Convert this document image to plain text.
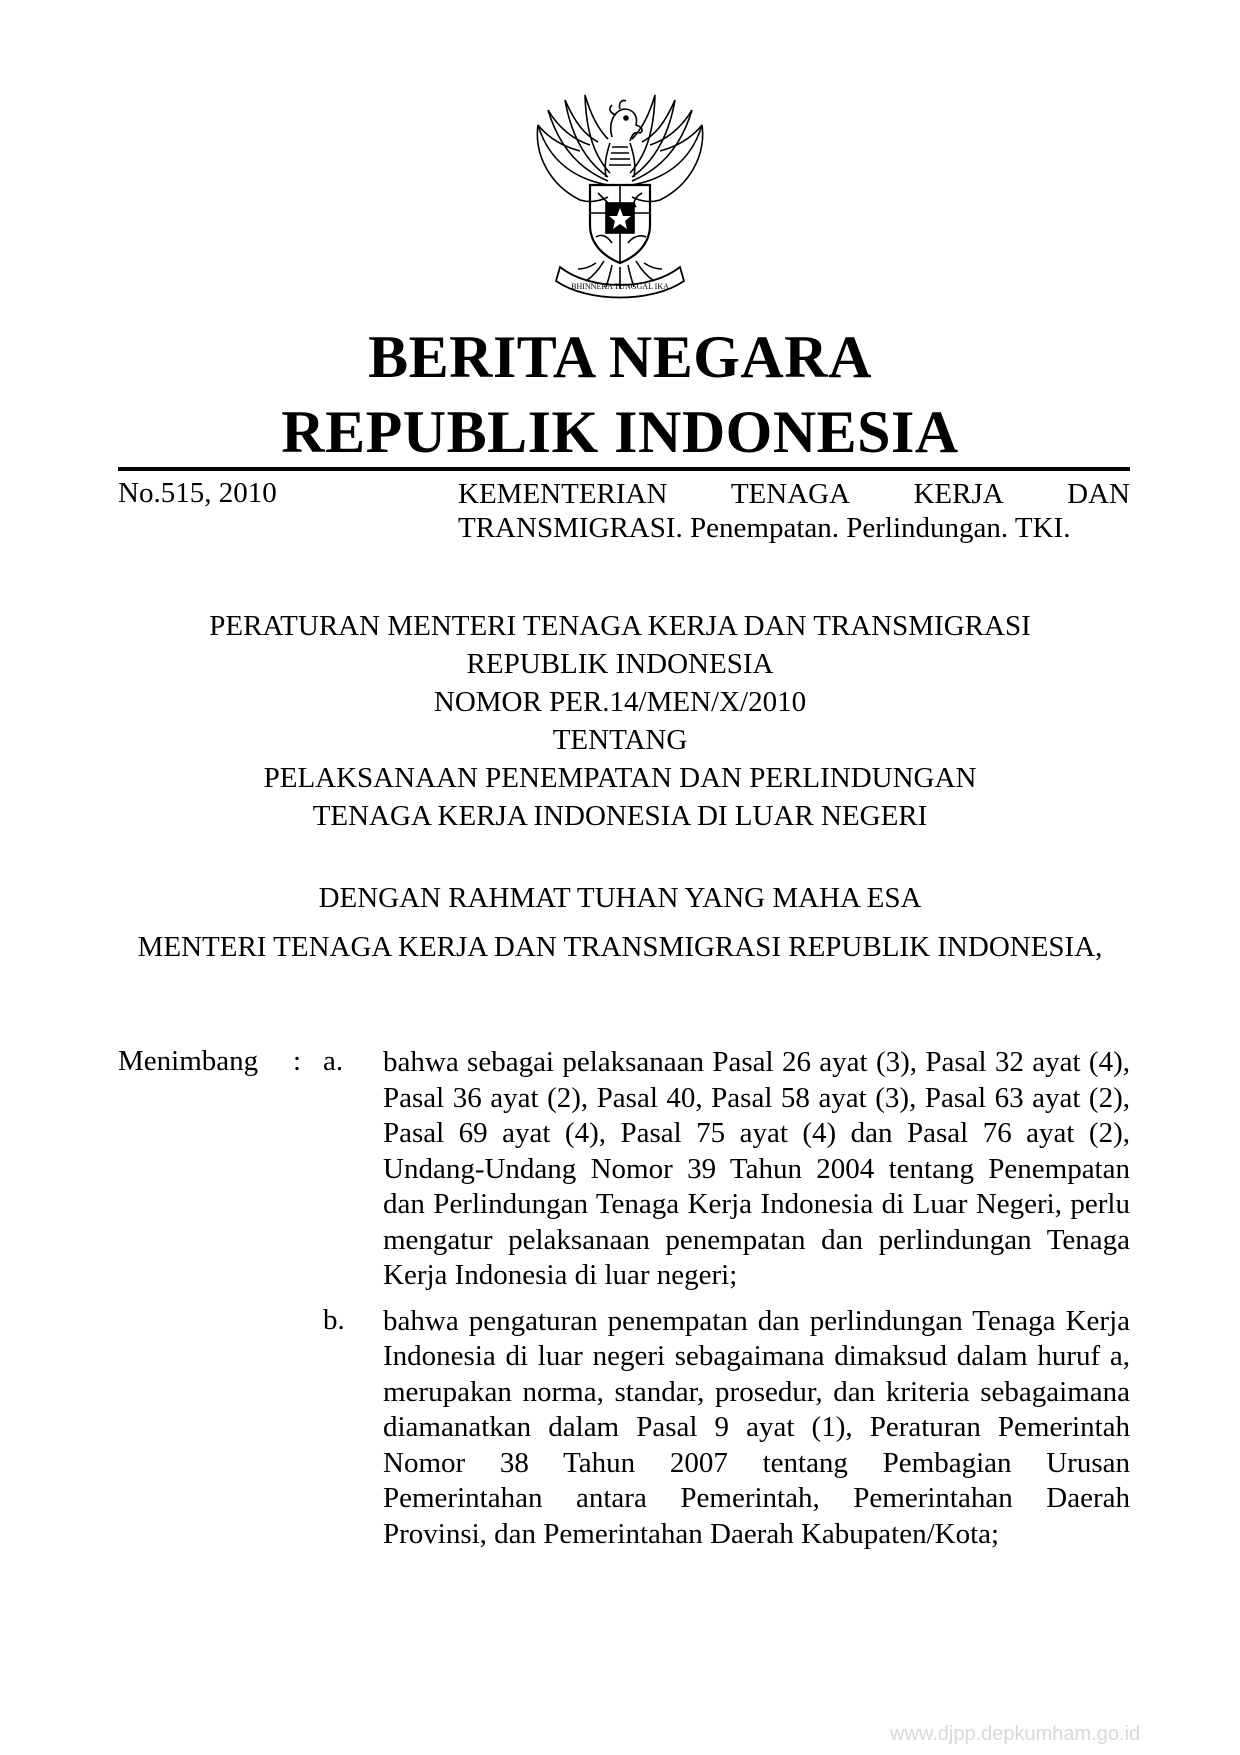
BHINNEKA TUNGGAL IKA
BERITA NEGARA
REPUBLIK INDONESIA
No.515, 2010	KEMENTERIAN TENAGA KERJA DAN
TRANSMIGRASI. Penempatan. Perlindungan. TKI.
PERATURAN MENTERI TENAGA KERJA DAN TRANSMIGRASI
REPUBLIK INDONESIA
NOMOR PER.14/MEN/X/2010
TENTANG
PELAKSANAAN PENEMPATAN DAN PERLINDUNGAN
TENAGA KERJA INDONESIA DI LUAR NEGERI
DENGAN RAHMAT TUHAN YANG MAHA ESA
MENTERI TENAGA KERJA DAN TRANSMIGRASI REPUBLIK INDONESIA,
Menimbang	: a.	bahwa sebagai pelaksanaan Pasal 26 ayat (3), Pasal 32 ayat (4), Pasal 36 ayat (2), Pasal 40, Pasal 58 ayat (3), Pasal 63 ayat (2), Pasal 69 ayat (4), Pasal 75 ayat (4) dan Pasal 76 ayat (2), Undang-Undang Nomor 39 Tahun 2004 tentang Penempatan dan Perlindungan Tenaga Kerja Indonesia di Luar Negeri, perlu mengatur pelaksanaan penempatan dan perlindungan Tenaga Kerja Indonesia di luar negeri;
b.	bahwa pengaturan penempatan dan perlindungan Tenaga Kerja Indonesia di luar negeri sebagaimana dimaksud dalam huruf a, merupakan norma, standar, prosedur, dan kriteria sebagaimana diamanatkan dalam Pasal 9 ayat (1), Peraturan Pemerintah Nomor 38 Tahun 2007 tentang Pembagian Urusan Pemerintahan antara Pemerintah, Pemerintahan Daerah Provinsi, dan Pemerintahan Daerah Kabupaten/Kota;
www.djpp.depkumham.go.id
